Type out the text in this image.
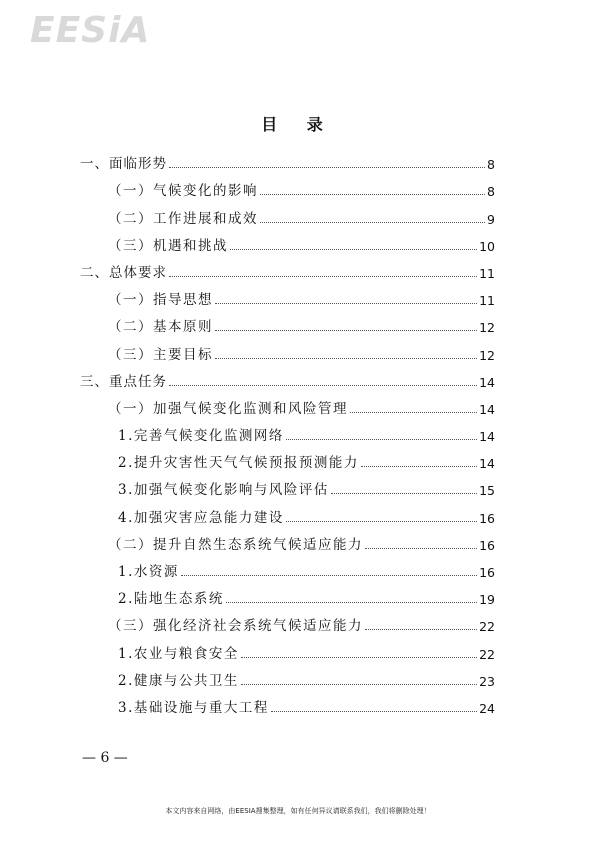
EESiA
目 录
一、面临形势	8
（一）气候变化的影响	8
（二）工作进展和成效	9
（三）机遇和挑战	10
二、总体要求	11
（一）指导思想	11
（二）基本原则	12
（三）主要目标	12
三、重点任务	14
（一）加强气候变化监测和风险管理	14
1.完善气候变化监测网络	14
2.提升灾害性天气气候预报预测能力	14
3.加强气候变化影响与风险评估	15
4.加强灾害应急能力建设	16
（二）提升自然生态系统气候适应能力	16
1.水资源	16
2.陆地生态系统	19
（三）强化经济社会系统气候适应能力	22
1.农业与粮食安全	22
2.健康与公共卫生	23
3.基础设施与重大工程	24
— 6 —
本文内容来自网络，由EESIA搜集整理，如有任何异议请联系我们，我们将删除处理！
